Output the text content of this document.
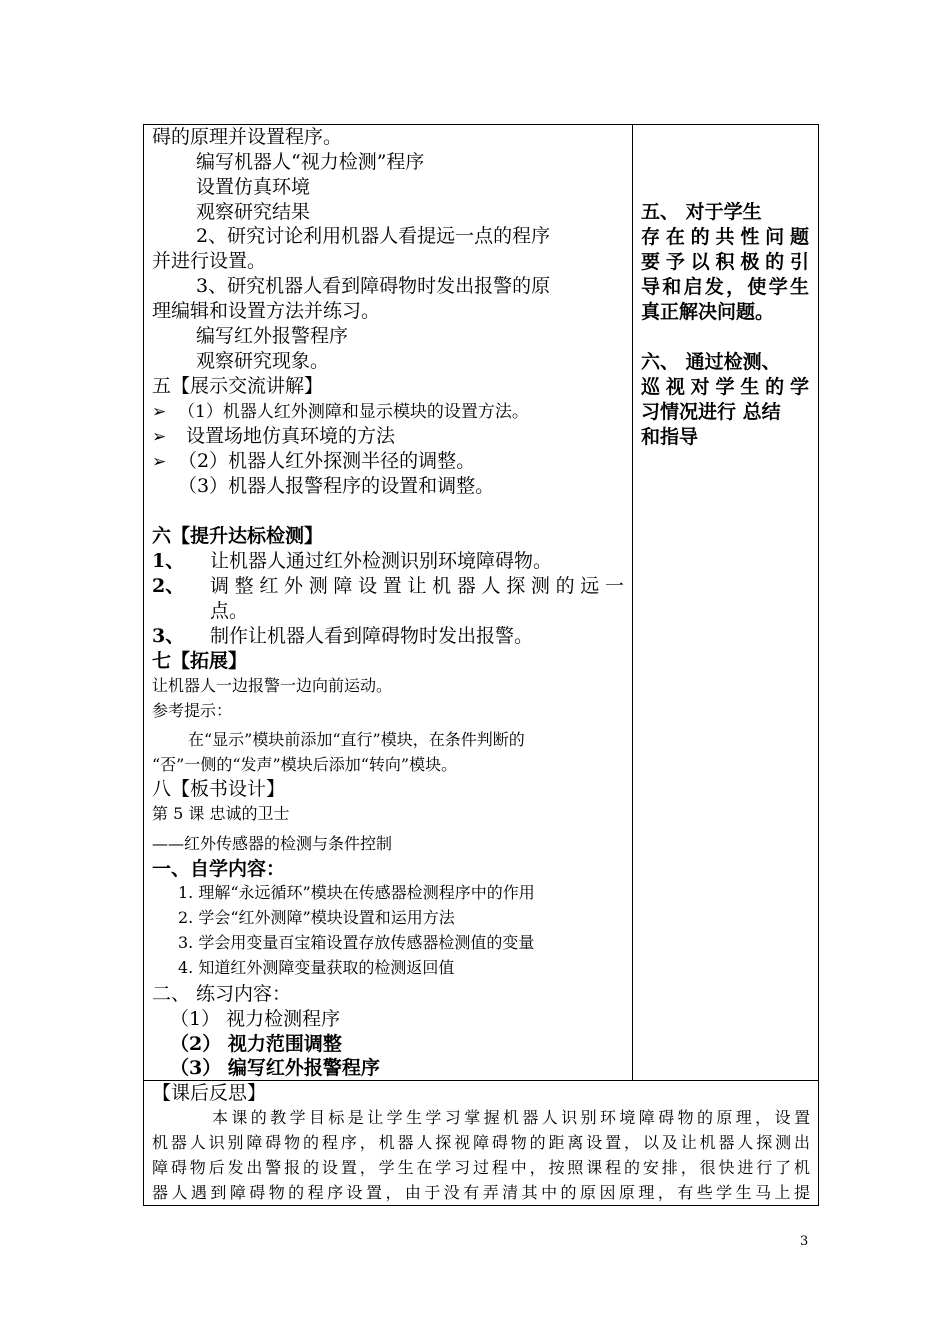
碍的原理并设置程序。
编写机器人“视力检测”程序
设置仿真环境
观察研究结果
2、研究讨论利用机器人看提远一点的程序
并进行设置。
3、研究机器人看到障碍物时发出报警的原
理编辑和设置方法并练习。
编写红外报警程序
观察研究现象。
五【展示交流讲解】
➢ （1）机器人红外测障和显示模块的设置方法。
➢ 设置场地仿真环境的方法
➢ （2）机器人红外探测半径的调整。
（3）机器人报警程序的设置和调整。
六【提升达标检测】
1、 让机器人通过红外检测识别环境障碍物。
2、 调整红外测障设置让机器人探测的远一
点。
3、 制作让机器人看到障碍物时发出报警。
七【拓展】
让机器人一边报警一边向前运动。
参考提示：
在“显示”模块前添加“直行”模块，在条件判断的
“否”一侧的“发声”模块后添加“转向”模块。
八【板书设计】
第 5 课 忠诚的卫士
——红外传感器的检测与条件控制
一、自学内容：
1. 理解“永远循环”模块在传感器检测程序中的作用
2. 学会“红外测障”模块设置和运用方法
3. 学会用变量百宝箱设置存放传感器检测值的变量
4. 知道红外测障变量获取的检测返回值
二、 练习内容：
（1） 视力检测程序
（2） 视力范围调整
（3） 编写红外报警程序
五、 对于学生
存在的共性问题
要予以积极的引
导和启发，使学生
真正解决问题。
六、 通过检测、
巡视对学生的学
习情况进行 总结
和指导
【课后反思】
本课的教学目标是让学生学习掌握机器人识别环境障碍物的原理，设置
机器人识别障碍物的程序，机器人探视障碍物的距离设置，以及让机器人探测出
障碍物后发出警报的设置，学生在学习过程中，按照课程的安排，很快进行了机
器人遇到障碍物的程序设置，由于没有弄清其中的原因原理，有些学生马上提
3
